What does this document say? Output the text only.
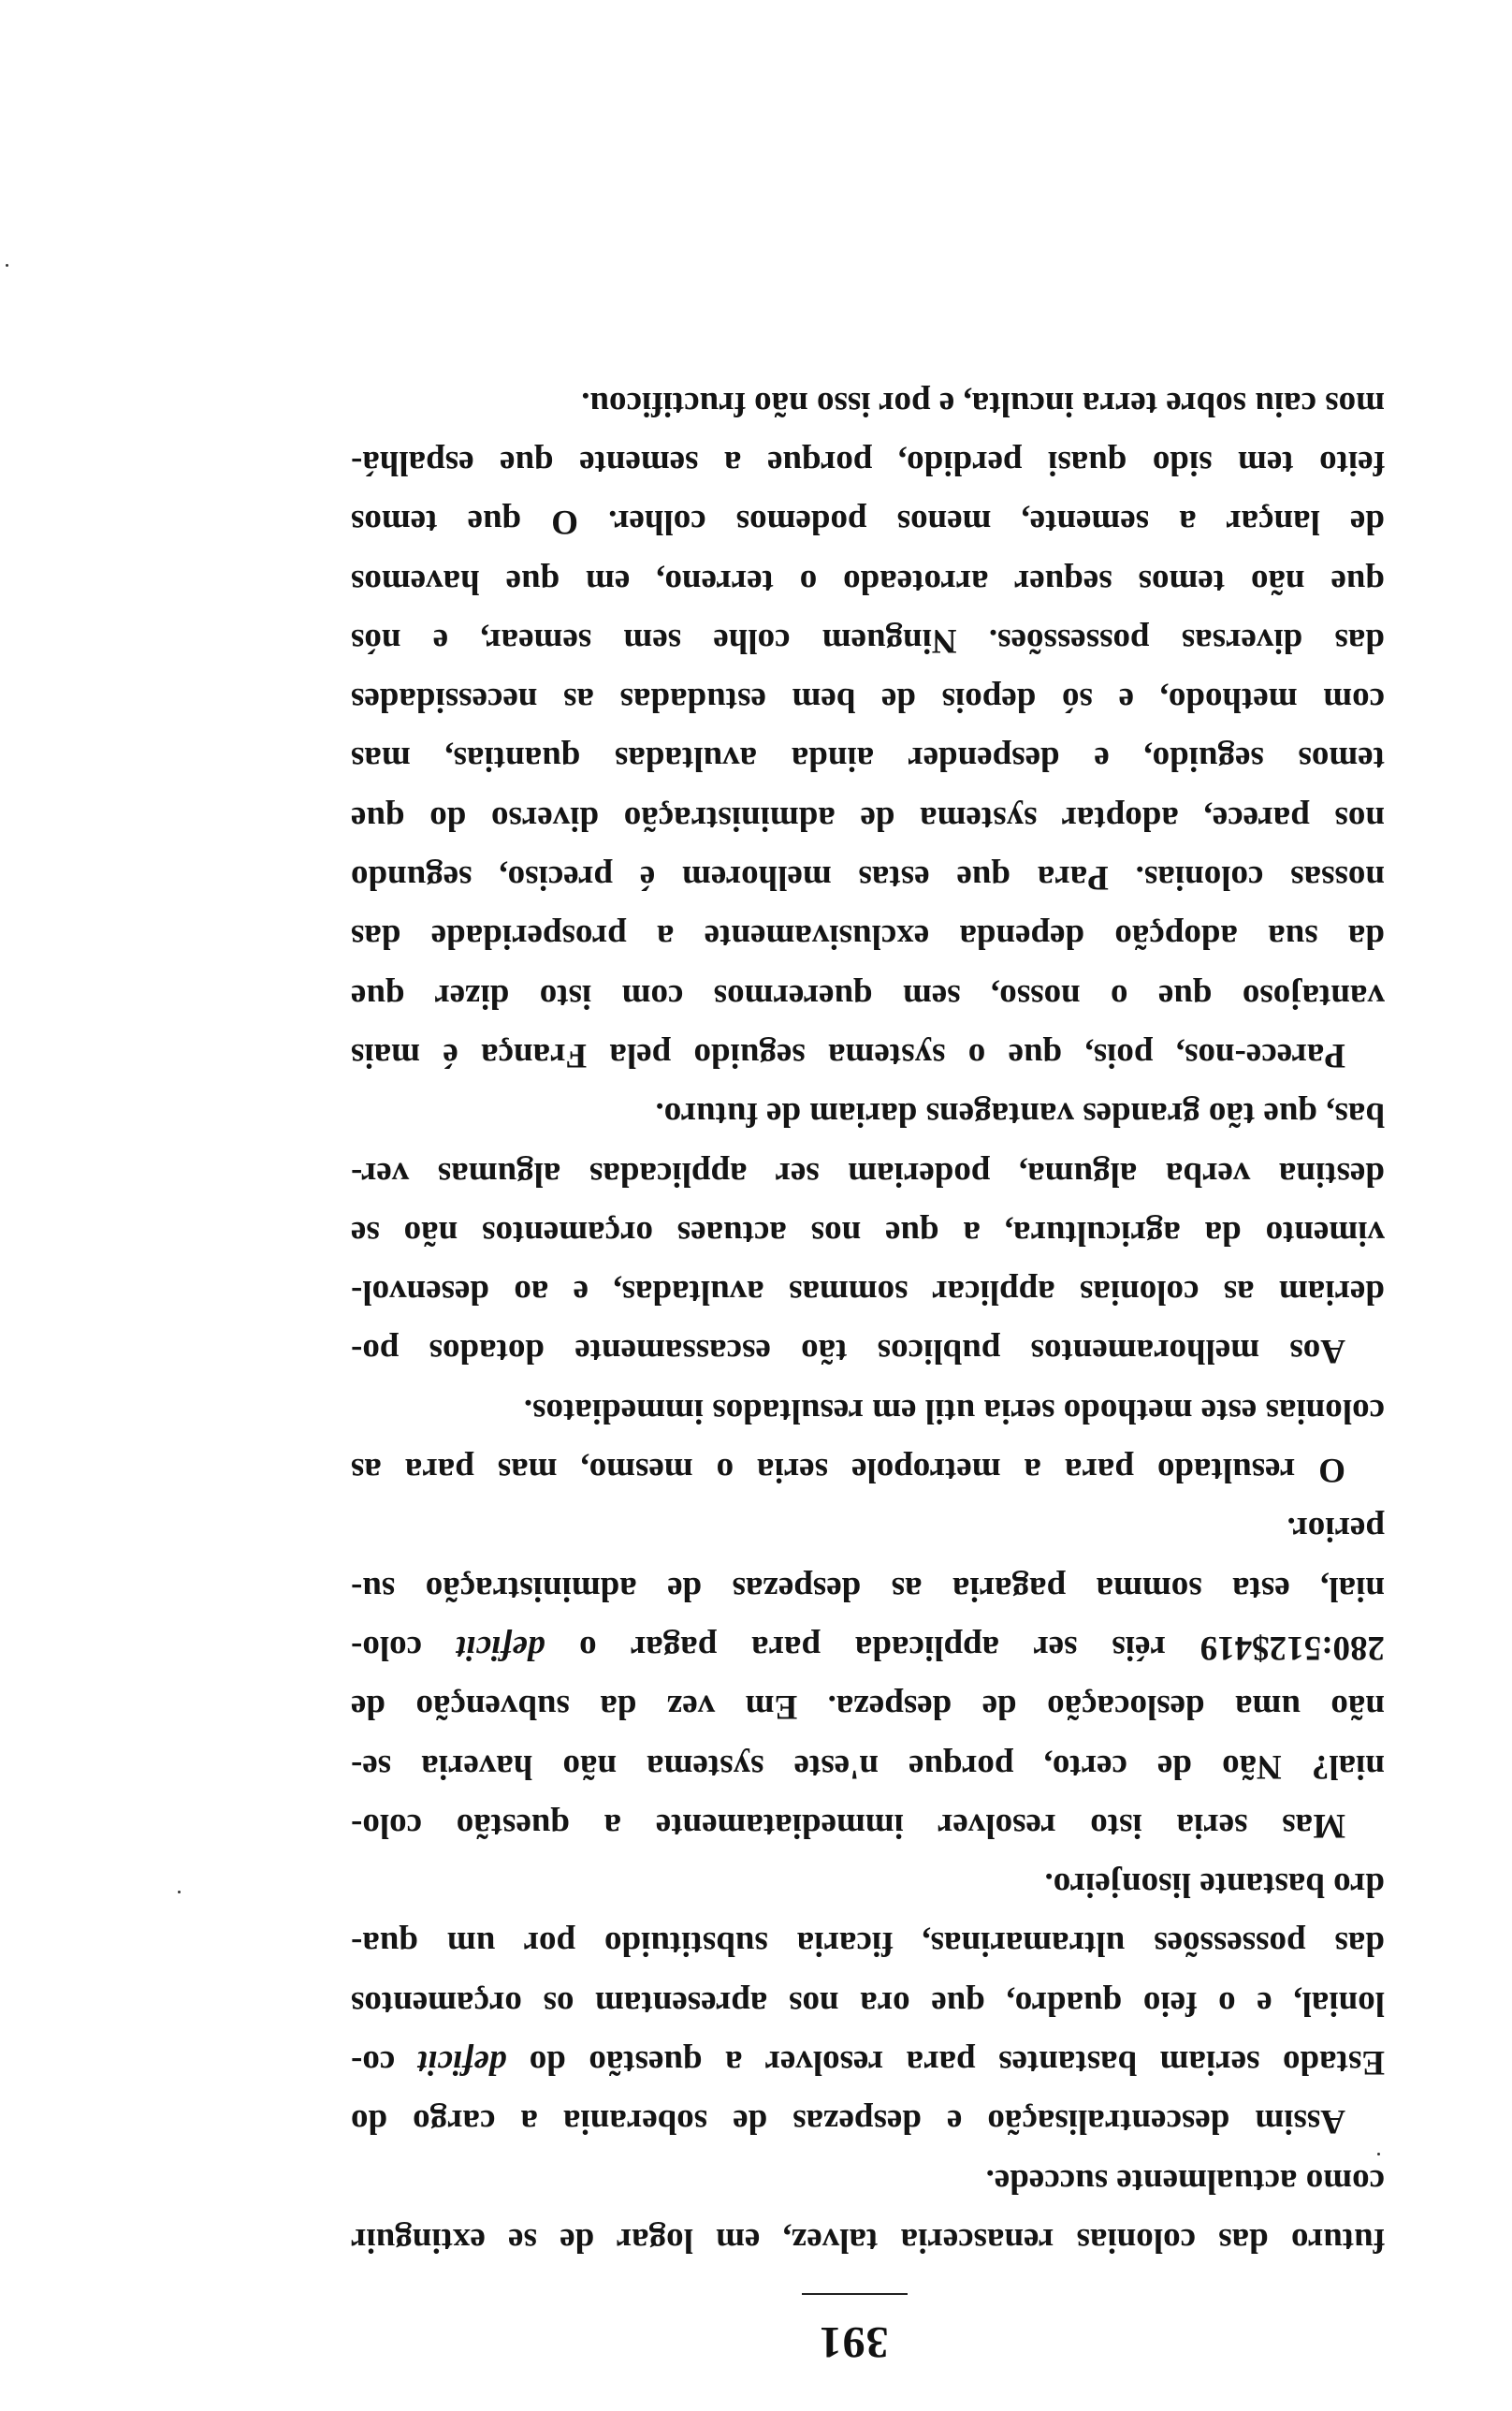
391
futuro das colonias renasceria talvez, em logar de se extinguir
como actualmente succede.
Assim descentralisação e despezas de soberania a cargo do
Estado seriam bastantes para resolver a questão do deficit co-
lonial, e o feio quadro, que ora nos apresentam os orçamentos
das possessões ultramarinas, ficaria substituido por um qua-
dro bastante lisonjeiro.
Mas seria isto resolver immediatamente a questão colo-
nial? Não de certo, porque n'este systema não haveria se-
não uma deslocação de despeza. Em vez da subvenção de
280:512$419 réis ser applicada para pagar o deficit colo-
nial, esta somma pagaria as despezas de administração su-
perior.
O resultado para a metropole seria o mesmo, mas para as
colonias este methodo seria util em resultados immediatos.
Aos melhoramentos publicos tão escassamente dotados po-
deriam as colonias applicar sommas avultadas, e ao desenvol-
vimento da agricultura, a que nos actuaes orçamentos não se
destina verba alguma, poderiam ser applicadas algumas ver-
bas, que tão grandes vantagens dariam de futuro.
Parece-nos, pois, que o systema seguido pela França é mais
vantajoso que o nosso, sem querermos com isto dizer que
da sua adopção dependa exclusivamente a prosperidade das
nossas colonias. Para que estas melhorem é preciso, segundo
nos parece, adoptar systema de administração diverso do que
temos seguido, e despender ainda avultadas quantias, mas
com methodo, e só depois de bem estudadas as necessidades
das diversas possessões. Ninguem colhe sem semear, e nós
que não temos sequer arroteado o terreno, em que havemos
de lançar a semente, menos podemos colher. O que temos
feito tem sido quasi perdido, porque a semente que espalhá-
mos caiu sobre terra inculta, e por isso não fructificou.
